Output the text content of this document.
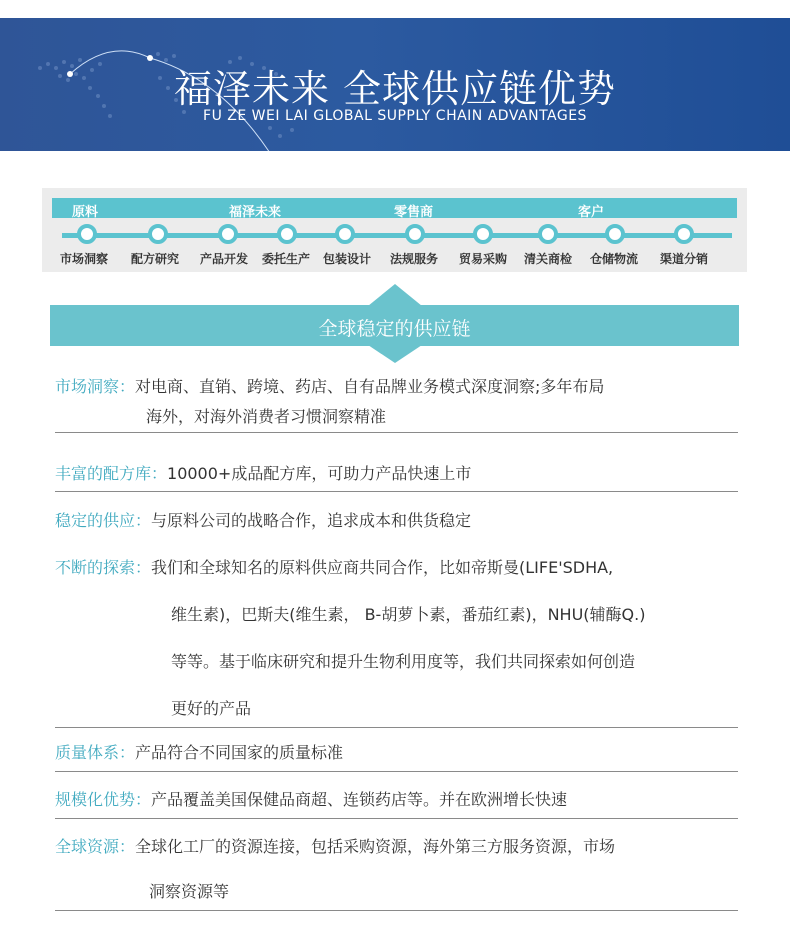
福泽未来 全球供应链优势
FU ZE WEI LAI GLOBAL SUPPLY CHAIN ADVANTAGES
原料	福泽未来	零售商	客户
市场洞察 配方研究 产品开发 委托生产 包装设计 法规服务 贸易采购 清关商检 仓储物流 渠道分销
全球稳定的供应链
市场洞察：对电商、直销、跨境、药店、自有品牌业务模式深度洞察;多年布局
海外，对海外消费者习惯洞察精准
丰富的配方库：10000+成品配方库，可助力产品快速上市
稳定的供应：与原料公司的战略合作，追求成本和供货稳定
不断的探索：我们和全球知名的原料供应商共同合作，比如帝斯曼(LIFE'SDHA,
维生素)，巴斯夫(维生素， B-胡萝卜素，番茄红素)，NHU(辅酶Q.)
等等。基于临床研究和提升生物利用度等，我们共同探索如何创造
更好的产品
质量体系：产品符合不同国家的质量标准
规模化优势：产品覆盖美国保健品商超、连锁药店等。并在欧洲增长快速
全球资源：全球化工厂的资源连接，包括采购资源，海外第三方服务资源，市场
洞察资源等
